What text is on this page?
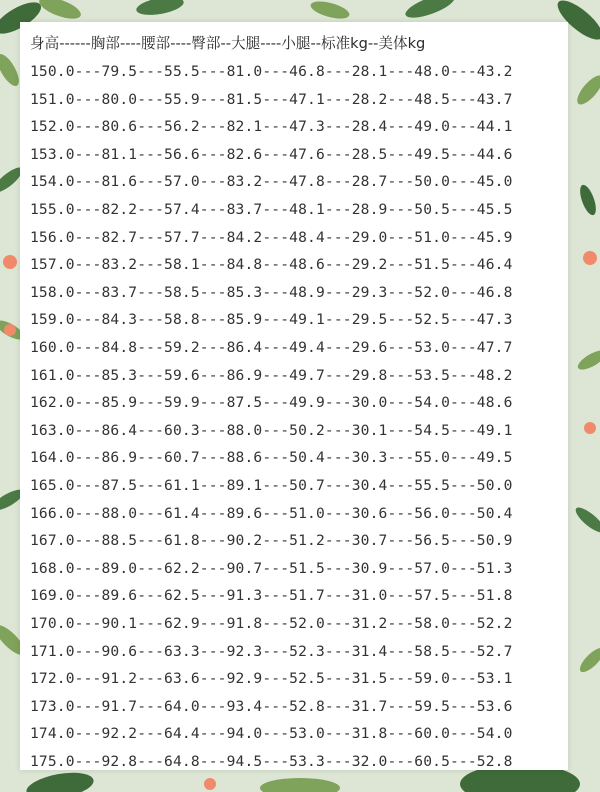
身高------胸部----腰部----臀部--大腿----小腿--标准kg--美体kg
150.0---79.5---55.5---81.0---46.8---28.1---48.0---43.2
151.0---80.0---55.9---81.5---47.1---28.2---48.5---43.7
152.0---80.6---56.2---82.1---47.3---28.4---49.0---44.1
153.0---81.1---56.6---82.6---47.6---28.5---49.5---44.6
154.0---81.6---57.0---83.2---47.8---28.7---50.0---45.0
155.0---82.2---57.4---83.7---48.1---28.9---50.5---45.5
156.0---82.7---57.7---84.2---48.4---29.0---51.0---45.9
157.0---83.2---58.1---84.8---48.6---29.2---51.5---46.4
158.0---83.7---58.5---85.3---48.9---29.3---52.0---46.8
159.0---84.3---58.8---85.9---49.1---29.5---52.5---47.3
160.0---84.8---59.2---86.4---49.4---29.6---53.0---47.7
161.0---85.3---59.6---86.9---49.7---29.8---53.5---48.2
162.0---85.9---59.9---87.5---49.9---30.0---54.0---48.6
163.0---86.4---60.3---88.0---50.2---30.1---54.5---49.1
164.0---86.9---60.7---88.6---50.4---30.3---55.0---49.5
165.0---87.5---61.1---89.1---50.7---30.4---55.5---50.0
166.0---88.0---61.4---89.6---51.0---30.6---56.0---50.4
167.0---88.5---61.8---90.2---51.2---30.7---56.5---50.9
168.0---89.0---62.2---90.7---51.5---30.9---57.0---51.3
169.0---89.6---62.5---91.3---51.7---31.0---57.5---51.8
170.0---90.1---62.9---91.8---52.0---31.2---58.0---52.2
171.0---90.6---63.3---92.3---52.3---31.4---58.5---52.7
172.0---91.2---63.6---92.9---52.5---31.5---59.0---53.1
173.0---91.7---64.0---93.4---52.8---31.7---59.5---53.6
174.0---92.2---64.4---94.0---53.0---31.8---60.0---54.0
175.0---92.8---64.8---94.5---53.3---32.0---60.5---52.8
